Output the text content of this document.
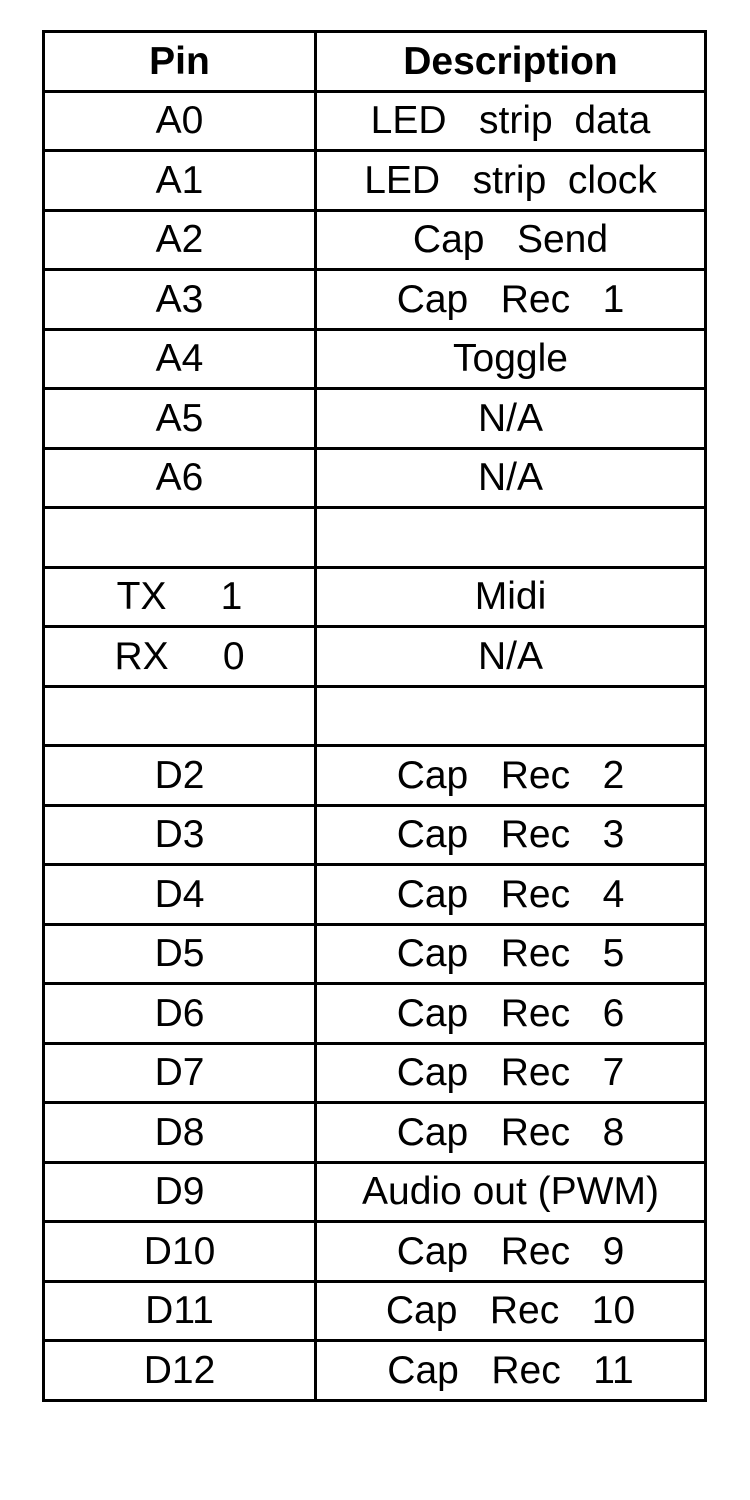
Pin	Description
A0	LED   strip  data
A1	LED   strip  clock
A2	Cap   Send
A3	Cap   Rec   1
A4	Toggle
A5	N/A
A6	N/A

TX     1	Midi
RX     0	N/A

D2	Cap   Rec   2
D3	Cap   Rec   3
D4	Cap   Rec   4
D5	Cap   Rec   5
D6	Cap   Rec   6
D7	Cap   Rec   7
D8	Cap   Rec   8
D9	Audio out (PWM)
D10	Cap   Rec   9
D11	Cap   Rec   10
D12	Cap   Rec   11
